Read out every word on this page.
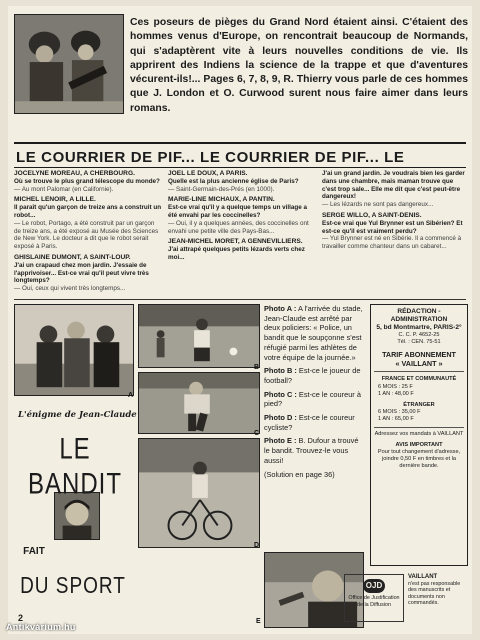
Ces poseurs de pièges du Grand Nord étaient ainsi. C'étaient des hommes venus d'Europe, on rencontrait beaucoup de Normands, qui s'adaptèrent vite à leurs nouvelles conditions de vie. Ils apprirent des Indiens la science de la trappe et que d'aventures vécurent-ils!... Pages 6, 7, 8, 9, R. Thierry vous parle de ces hommes que J. London et O. Curwood surent nous faire aimer dans leurs romans.
LE COURRIER DE PIF... LE COURRIER DE PIF... LE
JOCELYNE MOREAU, A CHERBOURG.
Où se trouve le plus grand télescope du monde?
— Au mont Palomar (en Californie).
MICHEL LENOIR, A LILLE.
Il paraît qu'un garçon de treize ans a construit un robot...
— Le robot, Portago, a été construit par un garçon de treize ans, a été exposé au Musée des Sciences de New York. Le docteur a dit que le robot serait exposé à Paris.
GHISLAINE DUMONT, A SAINT-LOUP.
J'ai un crapaud chez mon jardin. J'essaie de l'apprivoiser... Est-ce vrai qu'il peut vivre très longtemps?
— Oui, ceux qui vivent très longtemps...
JOEL LE DOUX, A PARIS.
Quelle est la plus ancienne église de Paris?
— Saint-Germain-des-Prés (en 1000).
MARIE-LINE MICHAUX, A PANTIN.
Est-ce vrai qu'il y a quelque temps un village a été envahi par les coccinelles?
— Oui, il y a quelques années, des coccinelles ont envahi une petite ville des Pays-Bas...
JEAN-MICHEL MORET, A GENNEVILLIERS.
J'ai attrapé quelques petits lézards verts chez moi...
J'ai un grand jardin. Je voudrais bien les garder dans une chambre, mais maman trouve que c'est trop sale... Elle me dit que c'est peut-être dangereux!
— Les lézards ne sont pas dangereux...
SERGE WILLO, A SAINT-DENIS.
Est-ce vrai que Yul Brynner est un Sibérien? Et est-ce qu'il est vraiment perdu?
— Yul Brynner est né en Sibérie. Il a commencé à travailler comme chanteur dans un cabaret...
A
B
C
D
E
L'énigme de Jean-Claude
LE BANDIT
FAIT
DU SPORT
2
Photo A : A l'arrivée du stade, Jean-Claude est arrêté par deux policiers: « Police, un bandit que le soupçonne s'est réfugié parmi les athlètes de votre équipe de la journée.»
Photo B : Est-ce le joueur de football?
Photo C : Est-ce le coureur à pied?
Photo D : Est-ce le coureur cycliste?
Photo E : B. Dufour a trouvé le bandit. Trouvez-le vous aussi!
(Solution en page 36)
RÉDACTION - ADMINISTRATION
5, bd Montmartre, PARIS-2°
C. C. P. 4652-25
Tél. : CEN. 75-51
TARIF ABONNEMENT
« VAILLANT »
FRANCE ET COMMUNAUTÉ
6 MOIS : 25 F
1 AN : 48,00 F
ÉTRANGER
6 MOIS : 35,00 F
1 AN : 65,00 F
Adressez vos mandats à VAILLANT
AVIS IMPORTANT
Pour tout changement d'adresse, joindre 0,50 F en timbres et la dernière bande.
OJD
Office de Justification de la Diffusion
VAILLANT
n'est pas responsable des manuscrits et documents non commandés.
Antikvárium.hu
